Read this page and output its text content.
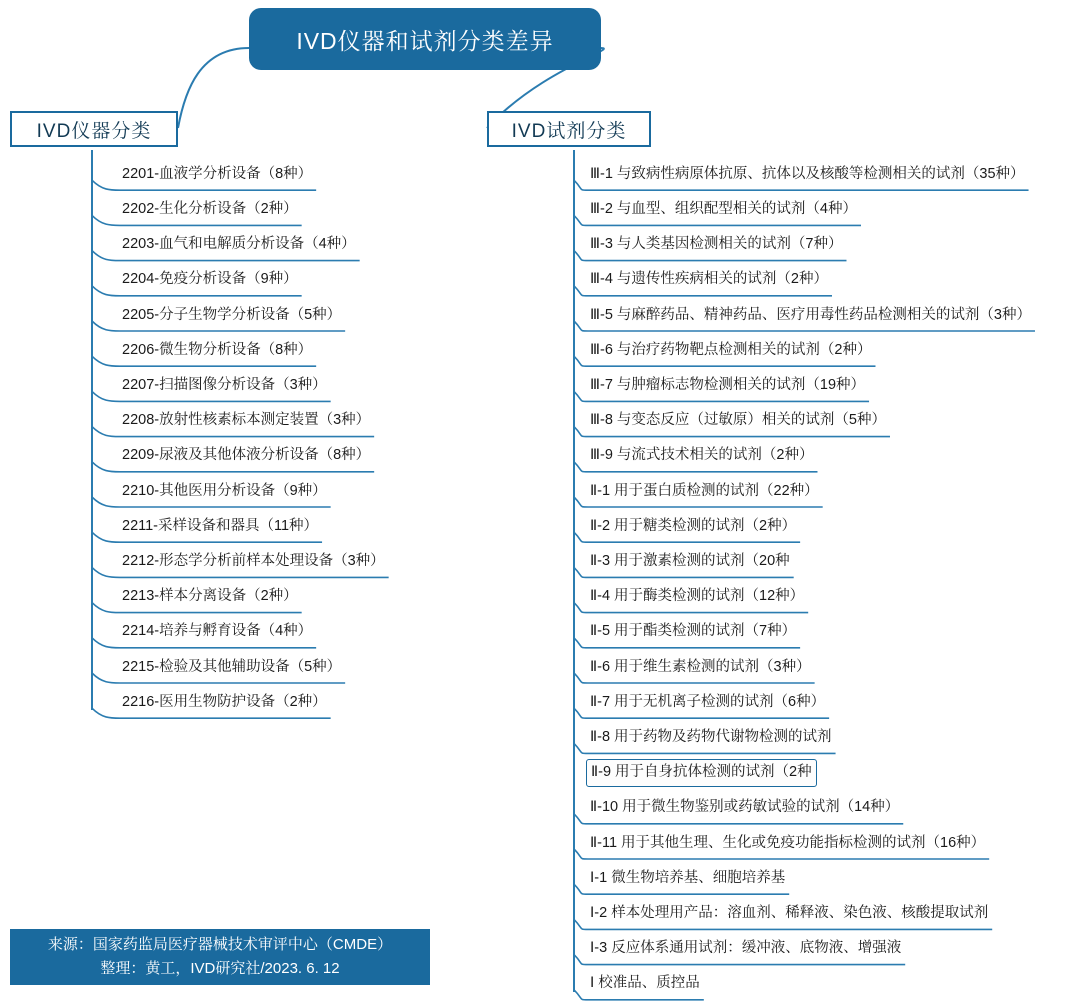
IVD仪器和试剂分类差异
IVD仪器分类	IVD试剂分类
2201-血液学分析设备（8种）
2202-生化分析设备（2种）
2203-血气和电解质分析设备（4种）
2204-免疫分析设备（9种）
2205-分子生物学分析设备（5种）
2206-微生物分析设备（8种）
2207-扫描图像分析设备（3种）
2208-放射性核素标本测定装置（3种）
2209-尿液及其他体液分析设备（8种）
2210-其他医用分析设备（9种）
2211-采样设备和器具（11种）
2212-形态学分析前样本处理设备（3种）
2213-样本分离设备（2种）
2214-培养与孵育设备（4种）
2215-检验及其他辅助设备（5种）
2216-医用生物防护设备（2种）
Ⅲ-1 与致病性病原体抗原、抗体以及核酸等检测相关的试剂（35种）
Ⅲ-2 与血型、组织配型相关的试剂（4种）
Ⅲ-3 与人类基因检测相关的试剂（7种）
Ⅲ-4 与遗传性疾病相关的试剂（2种）
Ⅲ-5 与麻醉药品、精神药品、医疗用毒性药品检测相关的试剂（3种）
Ⅲ-6 与治疗药物靶点检测相关的试剂（2种）
Ⅲ-7 与肿瘤标志物检测相关的试剂（19种）
Ⅲ-8 与变态反应（过敏原）相关的试剂（5种）
Ⅲ-9 与流式技术相关的试剂（2种）
Ⅱ-1 用于蛋白质检测的试剂（22种）
Ⅱ-2 用于糖类检测的试剂（2种）
Ⅱ-3 用于激素检测的试剂（20种
Ⅱ-4 用于酶类检测的试剂（12种）
Ⅱ-5 用于酯类检测的试剂（7种）
Ⅱ-6 用于维生素检测的试剂（3种）
Ⅱ-7 用于无机离子检测的试剂（6种）
Ⅱ-8 用于药物及药物代谢物检测的试剂
Ⅱ-9 用于自身抗体检测的试剂（2种
Ⅱ-10 用于微生物鉴别或药敏试验的试剂（14种）
Ⅱ-11 用于其他生理、生化或免疫功能指标检测的试剂（16种）
Ⅰ-1 微生物培养基、细胞培养基
Ⅰ-2 样本处理用产品：溶血剂、稀释液、染色液、核酸提取试剂
Ⅰ-3 反应体系通用试剂：缓冲液、底物液、增强液
Ⅰ 校准品、质控品
来源：国家药监局医疗器械技术审评中心（CMDE）
整理：黄工，IVD研究社/2023. 6. 12
